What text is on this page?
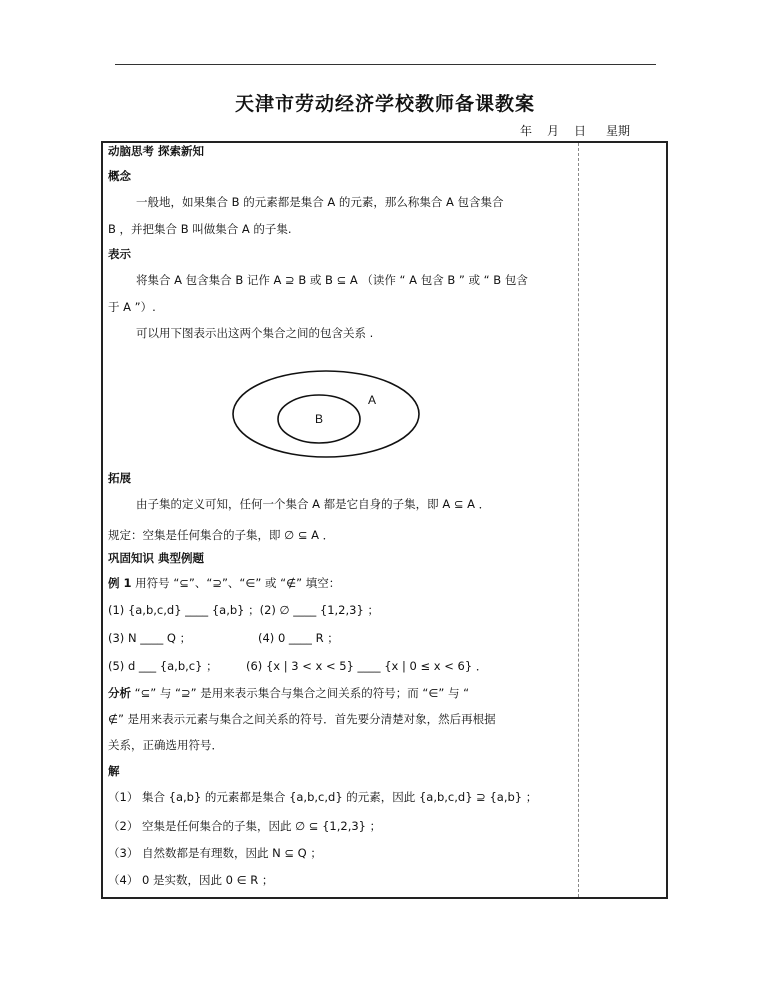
天津市劳动经济学校教师备课教案
年 月 日 星期
动脑思考 探索新知
概念
一般地，如果集合 B 的元素都是集合 A 的元素，那么称集合 A 包含集合
B ，并把集合 B 叫做集合 A 的子集.
表示
将集合 A 包含集合 B 记作 A ⊇ B 或 B ⊆ A （读作 “ A 包含 B ” 或 “ B 包含
于 A ”）.
可以用下图表示出这两个集合之间的包含关系 .
拓展
由子集的定义可知，任何一个集合 A 都是它自身的子集，即 A ⊆ A ．
规定：空集是任何集合的子集，即 ∅ ⊆ A ．
巩固知识 典型例题
例 1 用符号 “⊆”、“⊇”、“∈” 或 “∉” 填空：
(1) {a,b,c,d} ____ {a,b} ；(2) ∅ ____ {1,2,3} ；
(3) N ____ Q ；	(4) 0 ____ R ；
(5) d ___ {a,b,c} ； (6) {x | 3 < x < 5} ____ {x | 0 ≤ x < 6} ．
分析 “⊆” 与 “⊇” 是用来表示集合与集合之间关系的符号；而 “∈” 与 “
∉” 是用来表示元素与集合之间关系的符号．首先要分清楚对象，然后再根据
关系，正确选用符号．
解
（1） 集合 {a,b} 的元素都是集合 {a,b,c,d} 的元素，因此 {a,b,c,d} ⊇ {a,b} ；
（2） 空集是任何集合的子集，因此 ∅ ⊆ {1,2,3} ；
（3） 自然数都是有理数，因此 N ⊆ Q ；
（4） 0 是实数，因此 0 ∈ R ；
A
B
